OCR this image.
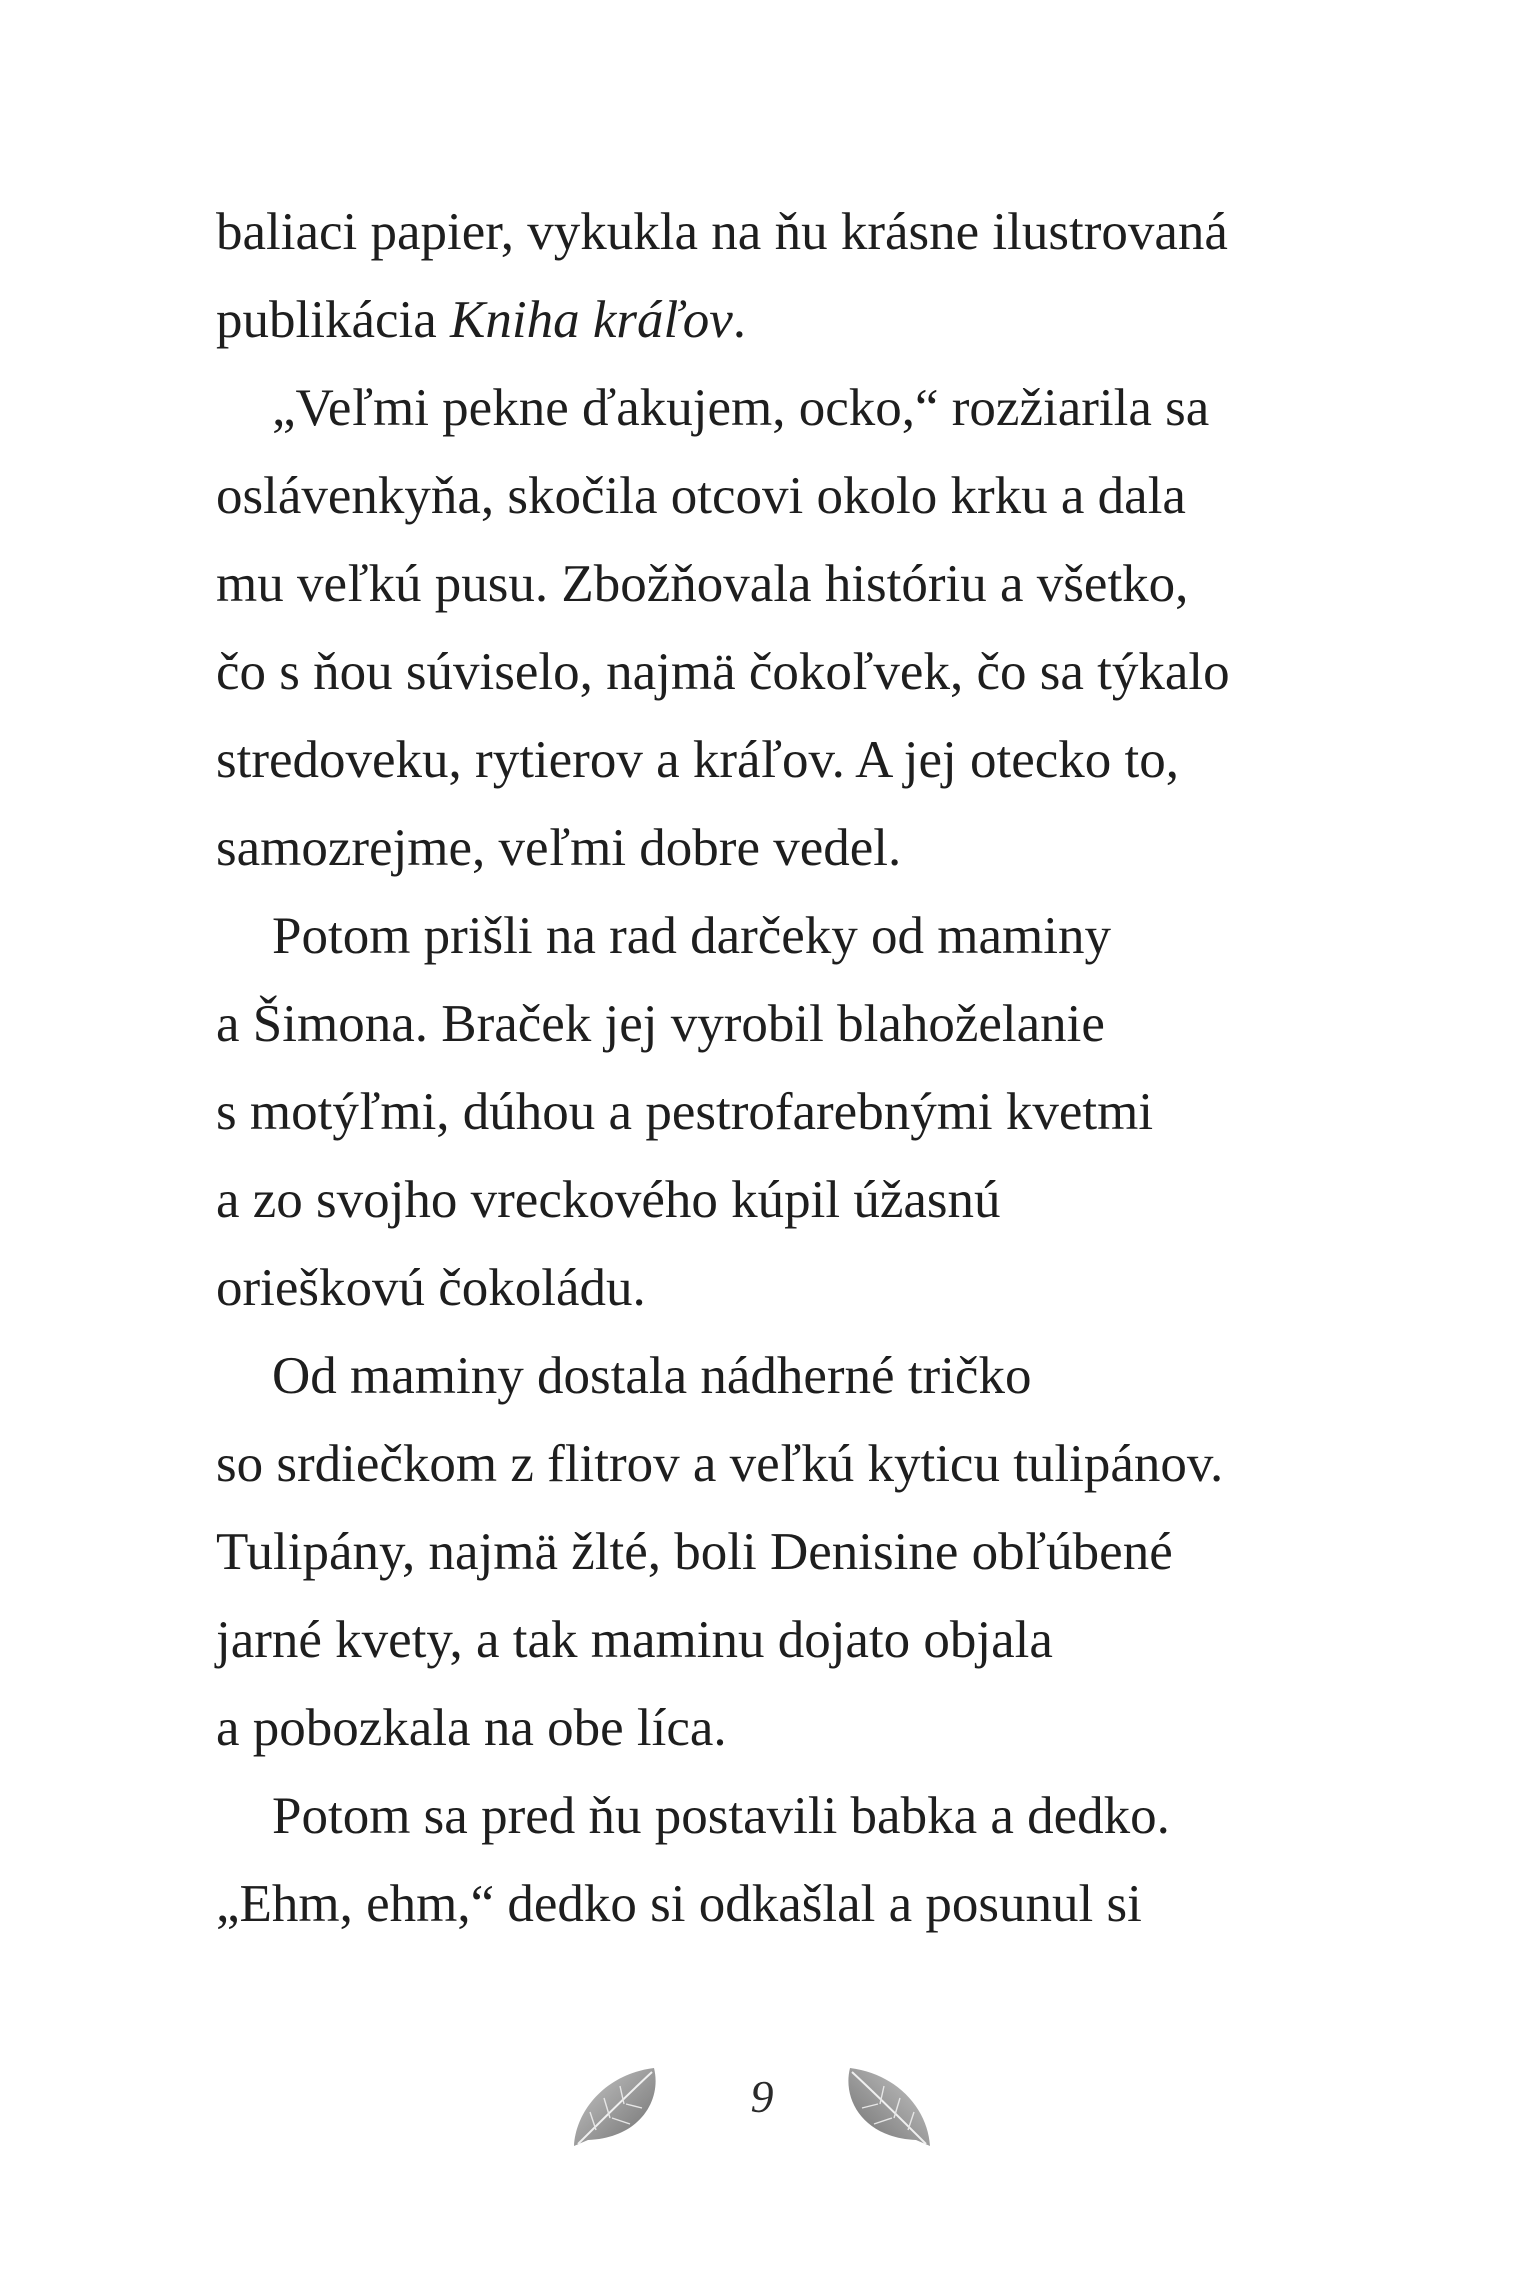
baliaci papier, vykukla na ňu krásne ilustrovaná
publikácia Kniha kráľov.
„Veľmi pekne ďakujem, ocko,“ rozžiarila sa
oslávenkyňa, skočila otcovi okolo krku a dala
mu veľkú pusu. Zbožňovala históriu a všetko,
čo s ňou súviselo, najmä čokoľvek, čo sa týkalo
stredoveku, rytierov a kráľov. A jej otecko to,
samozrejme, veľmi dobre vedel.
Potom prišli na rad darčeky od maminy
a Šimona. Braček jej vyrobil blahoželanie
s motýľmi, dúhou a pestrofarebnými kvetmi
a zo svojho vreckového kúpil úžasnú
orieškovú čokoládu.
Od maminy dostala nádherné tričko
so srdiečkom z flitrov a veľkú kyticu tulipánov.
Tulipány, najmä žlté, boli Denisine obľúbené
jarné kvety, a tak maminu dojato objala
a pobozkala na obe líca.
Potom sa pred ňu postavili babka a dedko.
„Ehm, ehm,“ dedko si odkašlal a posunul si
9
